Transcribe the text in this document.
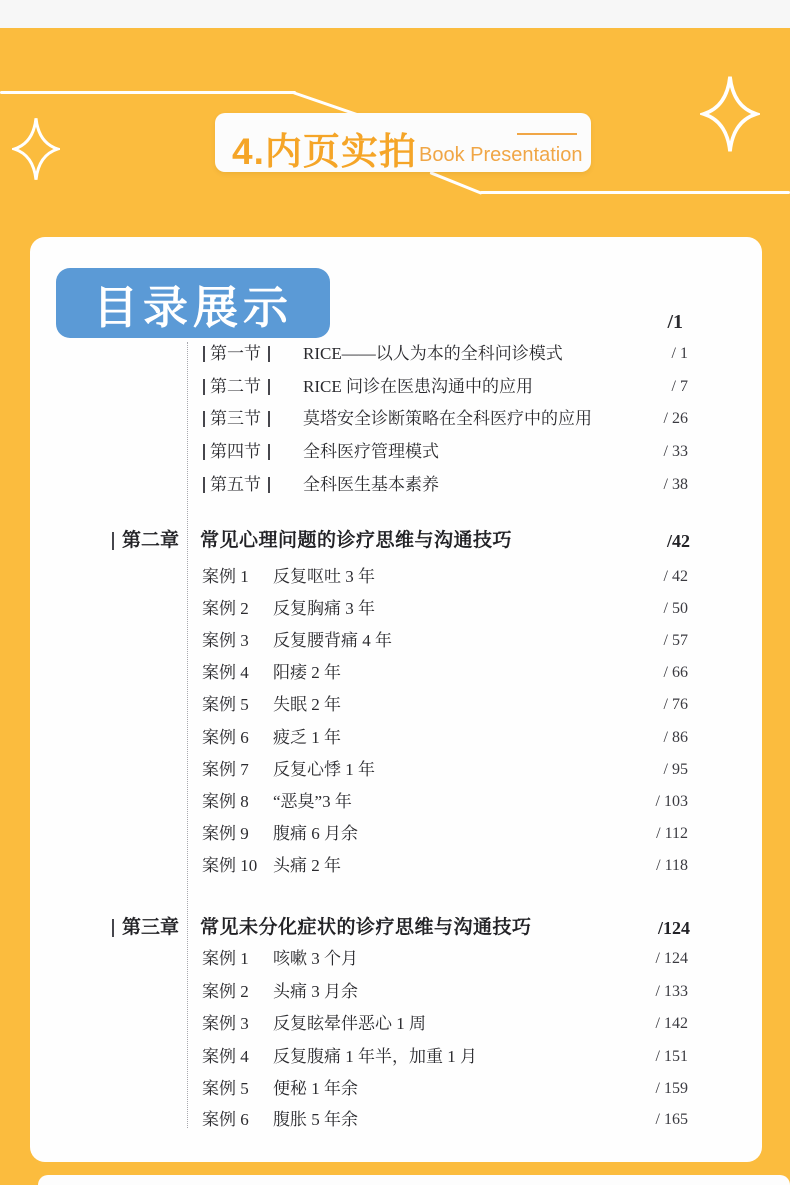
4.内页实拍 Book Presentation
/1
第一节 RICE——以人为本的全科问诊模式	/ 1
第二节 RICE 问诊在医患沟通中的应用	/ 7
第三节 莫塔安全诊断策略在全科医疗中的应用	/ 26
第四节 全科医疗管理模式	/ 33
第五节 全科医生基本素养	/ 38
第二章 常见心理问题的诊疗思维与沟通技巧	/42
案例 1 反复呕吐 3 年	/ 42
案例 2 反复胸痛 3 年	/ 50
案例 3 反复腰背痛 4 年	/ 57
案例 4 阳痿 2 年	/ 66
案例 5 失眠 2 年	/ 76
案例 6 疲乏 1 年	/ 86
案例 7 反复心悸 1 年	/ 95
案例 8 “恶臭”3 年	/ 103
案例 9 腹痛 6 月余	/ 112
案例 10 头痛 2 年	/ 118
第三章 常见未分化症状的诊疗思维与沟通技巧	/124
案例 1 咳嗽 3 个月	/ 124
案例 2 头痛 3 月余	/ 133
案例 3 反复眩晕伴恶心 1 周	/ 142
案例 4 反复腹痛 1 年半，加重 1 月	/ 151
案例 5 便秘 1 年余	/ 159
案例 6 腹胀 5 年余	/ 165
目录展示
